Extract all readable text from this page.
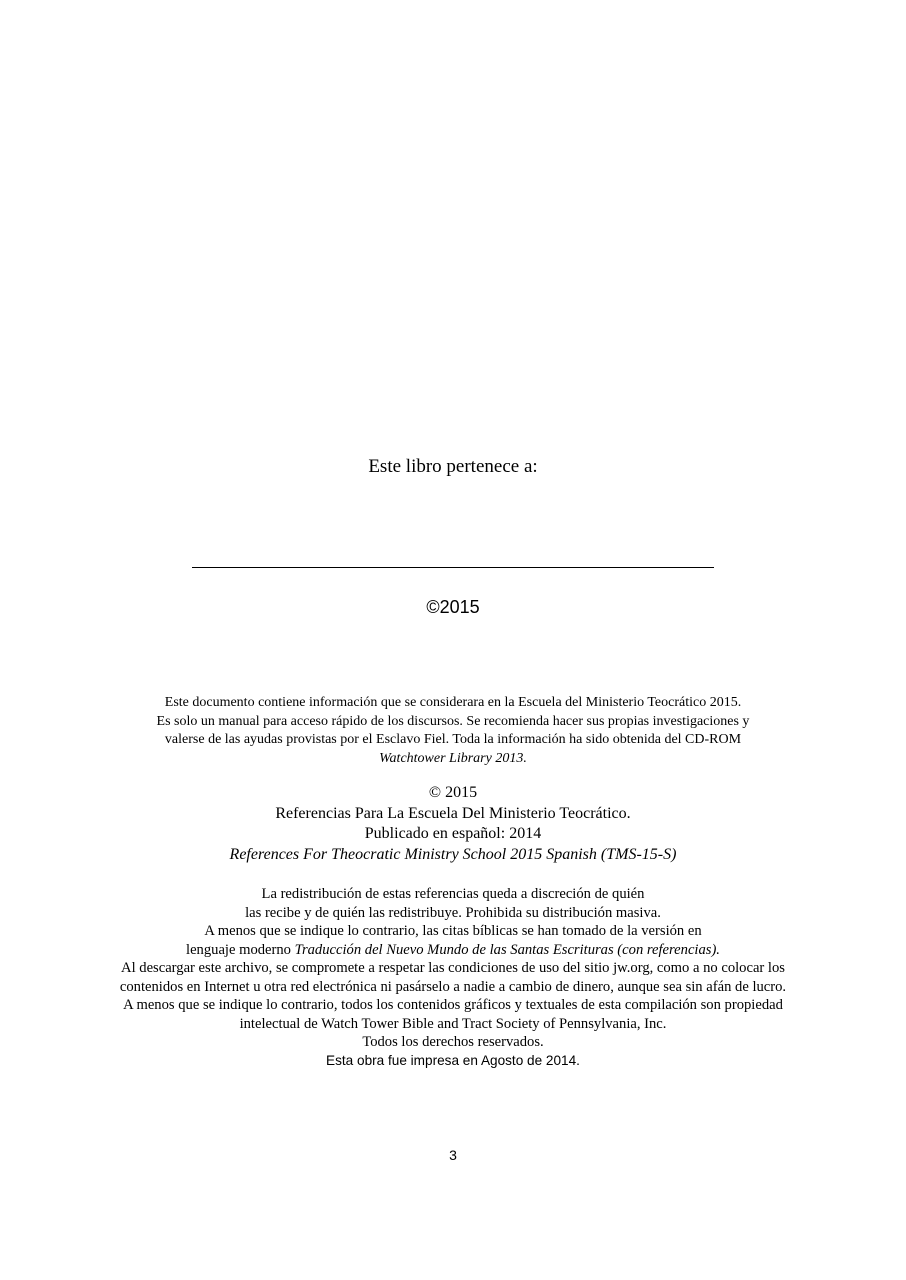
Este libro pertenece a:
©2015
Este documento contiene información que se considerara en la Escuela del Ministerio Teocrático 2015.
Es solo un manual para acceso rápido de los discursos. Se recomienda hacer sus propias investigaciones y
valerse de las ayudas provistas por el Esclavo Fiel. Toda la información ha sido obtenida del CD-ROM
Watchtower Library 2013.
© 2015
Referencias Para La Escuela Del Ministerio Teocrático.
Publicado en español: 2014
References For Theocratic Ministry School 2015 Spanish (TMS-15-S)
La redistribución de estas referencias queda a discreción de quién
las recibe y de quién las redistribuye. Prohibida su distribución masiva.
A menos que se indique lo contrario, las citas bíblicas se han tomado de la versión en
lenguaje moderno Traducción del Nuevo Mundo de las Santas Escrituras (con referencias).
Al descargar este archivo, se compromete a respetar las condiciones de uso del sitio jw.org, como a no colocar los
contenidos en Internet u otra red electrónica ni pasárselo a nadie a cambio de dinero, aunque sea sin afán de lucro.
A menos que se indique lo contrario, todos los contenidos gráficos y textuales de esta compilación son propiedad
intelectual de Watch Tower Bible and Tract Society of Pennsylvania, Inc.
Todos los derechos reservados.
Esta obra fue impresa en Agosto de 2014.
3
